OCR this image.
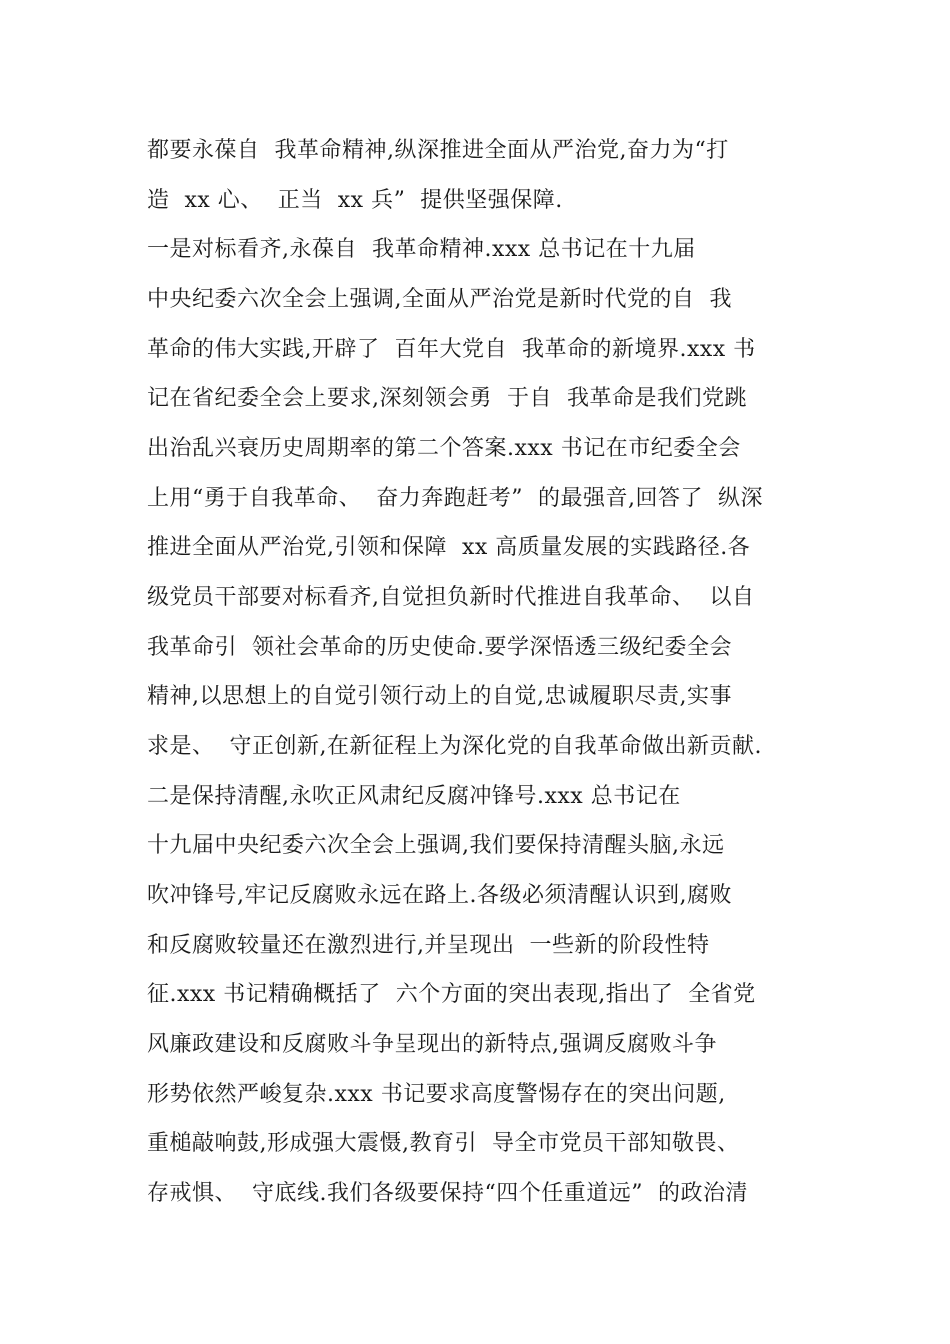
都要永葆自  我革命精神,纵深推进全面从严治党,奋力为“打

造  xx 心、  正当  xx 兵”  提供坚强保障.

一是对标看齐,永葆自  我革命精神.xxx 总书记在十九届

中央纪委六次全会上强调,全面从严治党是新时代党的自  我

革命的伟大实践,开辟了  百年大党自  我革命的新境界.xxx 书

记在省纪委全会上要求,深刻领会勇  于自  我革命是我们党跳

出治乱兴衰历史周期率的第二个答案.xxx 书记在市纪委全会

上用“勇于自我革命、  奋力奔跑赶考”  的最强音,回答了  纵深

推进全面从严治党,引领和保障  xx 高质量发展的实践路径.各

级党员干部要对标看齐,自觉担负新时代推进自我革命、  以自

我革命引  领社会革命的历史使命.要学深悟透三级纪委全会

精神,以思想上的自觉引领行动上的自觉,忠诚履职尽责,实事

求是、  守正创新,在新征程上为深化党的自我革命做出新贡献.

二是保持清醒,永吹正风肃纪反腐冲锋号.xxx 总书记在

十九届中央纪委六次全会上强调,我们要保持清醒头脑,永远

吹冲锋号,牢记反腐败永远在路上.各级必须清醒认识到,腐败

和反腐败较量还在激烈进行,并呈现出  一些新的阶段性特

征.xxx 书记精确概括了  六个方面的突出表现,指出了  全省党

风廉政建设和反腐败斗争呈现出的新特点,强调反腐败斗争

形势依然严峻复杂.xxx 书记要求高度警惕存在的突出问题,

重槌敲响鼓,形成强大震慑,教育引  导全市党员干部知敬畏、

存戒惧、  守底线.我们各级要保持“四个任重道远”  的政治清
